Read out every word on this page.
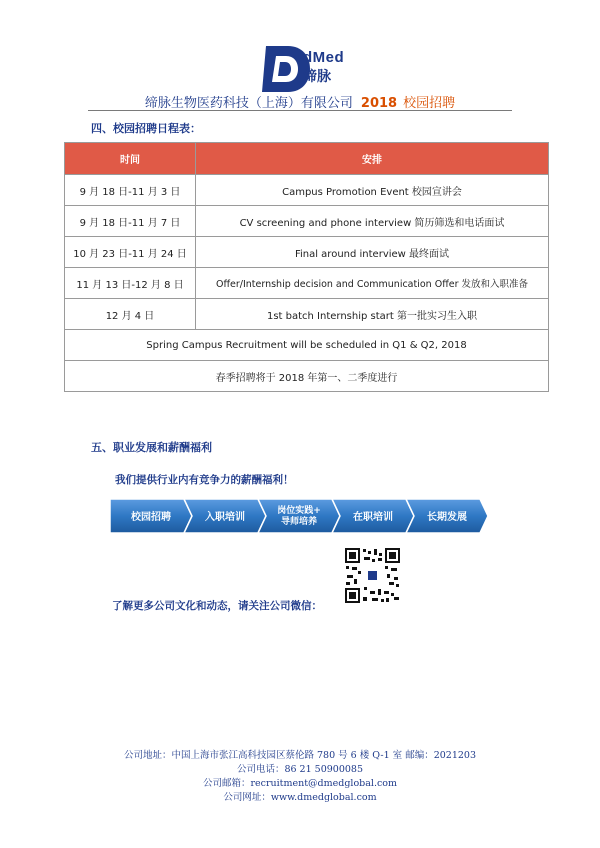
dMed
缔脉
缔脉生物医药科技（上海）有限公司 2018 校园招聘
四、校园招聘日程表：
时间	安排
9 月 18 日-11 月 3 日	Campus Promotion Event 校园宣讲会
9 月 18 日-11 月 7 日	CV screening and phone interview 简历筛选和电话面试
10 月 23 日-11 月 24 日	Final around interview 最终面试
11 月 13 日-12 月 8 日	Offer/Internship decision and Communication Offer 发放和入职准备
12 月 4 日	1st batch Internship start 第一批实习生入职
Spring Campus Recruitment will be scheduled in Q1 & Q2, 2018	
春季招聘将于 2018 年第一、二季度进行	
五、职业发展和薪酬福利
我们提供行业内有竞争力的薪酬福利！
校园招聘	入职培训
岗位实践+
导师培养	在职培训	长期发展
了解更多公司文化和动态，请关注公司微信：
公司地址：中国上海市张江高科技园区蔡伦路 780 号 6 楼 Q-1 室 邮编：2021203
公司电话：86 21 50900085
公司邮箱：recruitment@dmedglobal.com
公司网址：www.dmedglobal.com
